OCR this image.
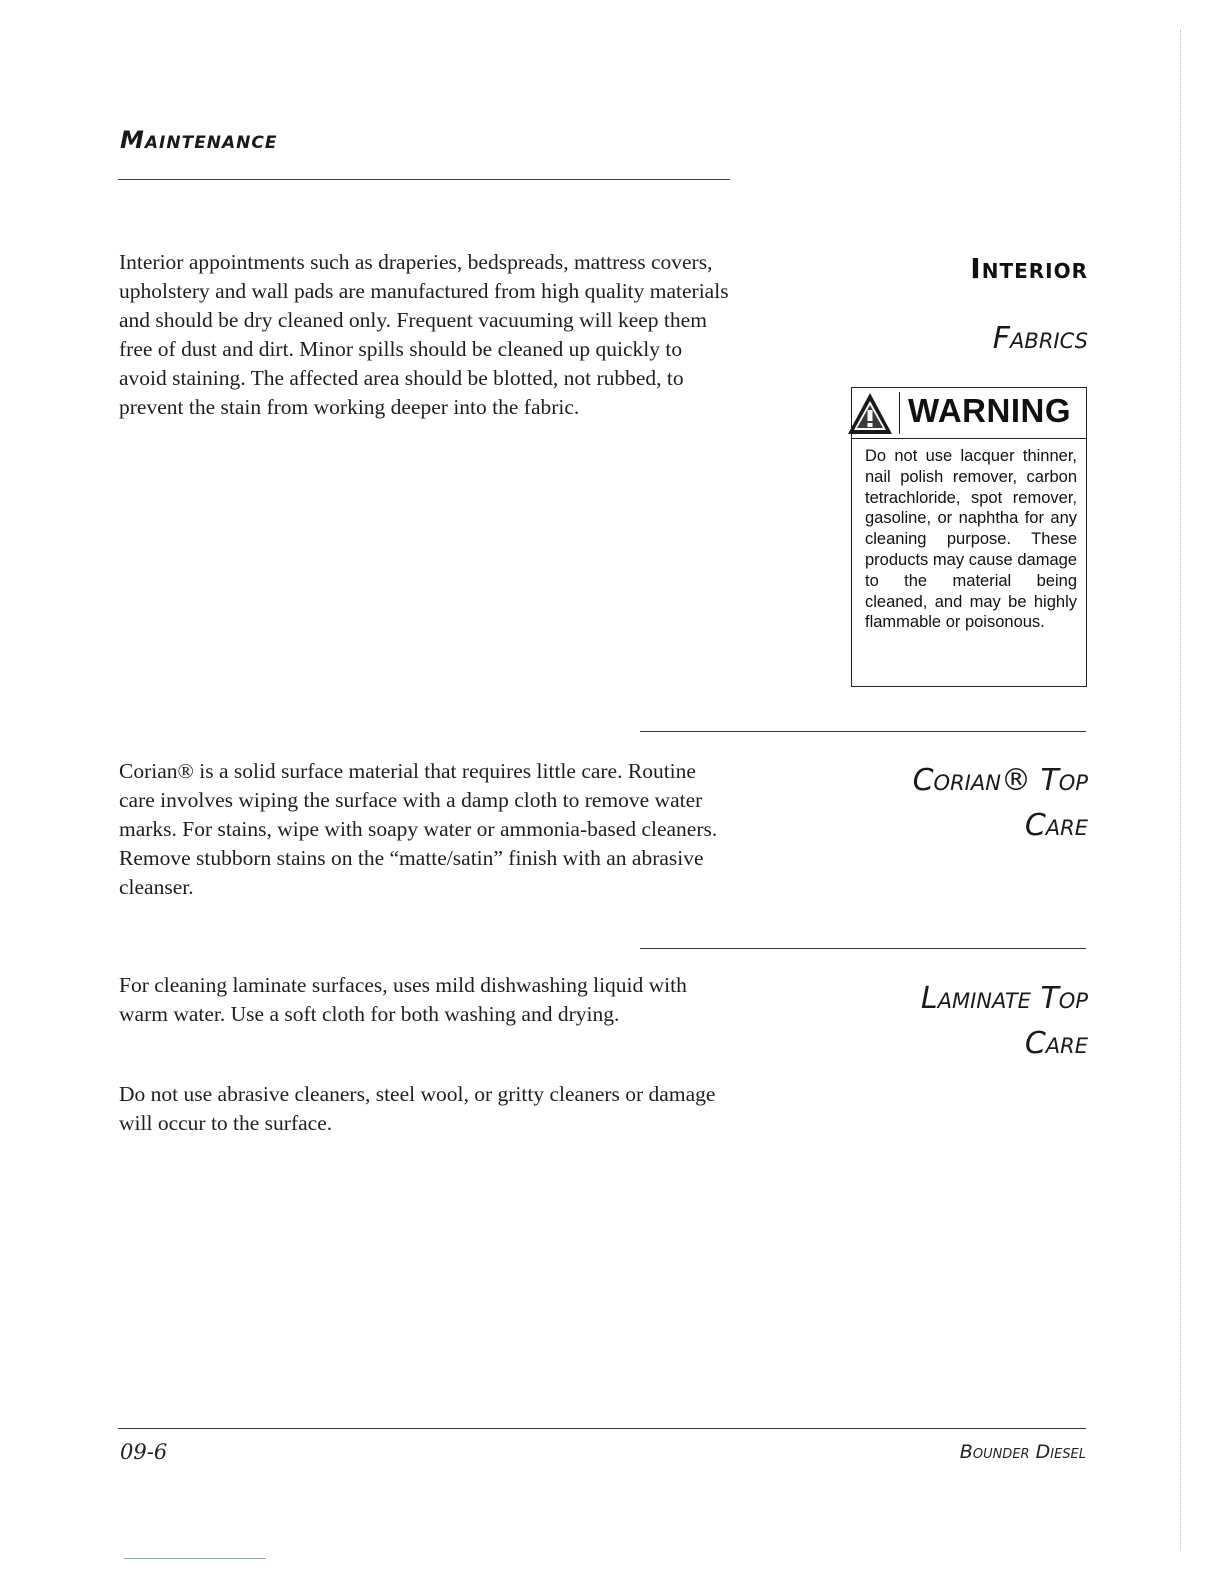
Maintenance

Interior appointments such as draperies, bedspreads, mattress covers, upholstery and wall pads are manufactured from high quality materials and should be dry cleaned only. Frequent vacuuming will keep them free of dust and dirt. Minor spills should be cleaned up quickly to avoid staining. The affected area should be blotted, not rubbed, to prevent the stain from working deeper into the fabric.

Interior
Fabrics
WARNING

Do not use lacquer thinner, nail polish remover, carbon tetrachloride, spot remover, gasoline, or naphtha for any cleaning purpose. These products may cause damage to the material being cleaned, and may be highly flammable or poisonous.

Corian® is a solid surface material that requires little care. Routine care involves wiping the surface with a damp cloth to remove water marks. For stains, wipe with soapy water or ammonia-based cleaners. Remove stubborn stains on the “matte/satin” finish with an abrasive cleanser.

Corian® Top
Care

For cleaning laminate surfaces, uses mild dishwashing liquid with warm water. Use a soft cloth for both washing and drying.

Do not use abrasive cleaners, steel wool, or gritty cleaners or damage will occur to the surface.

Laminate Top
Care
09-6	Bounder Diesel
